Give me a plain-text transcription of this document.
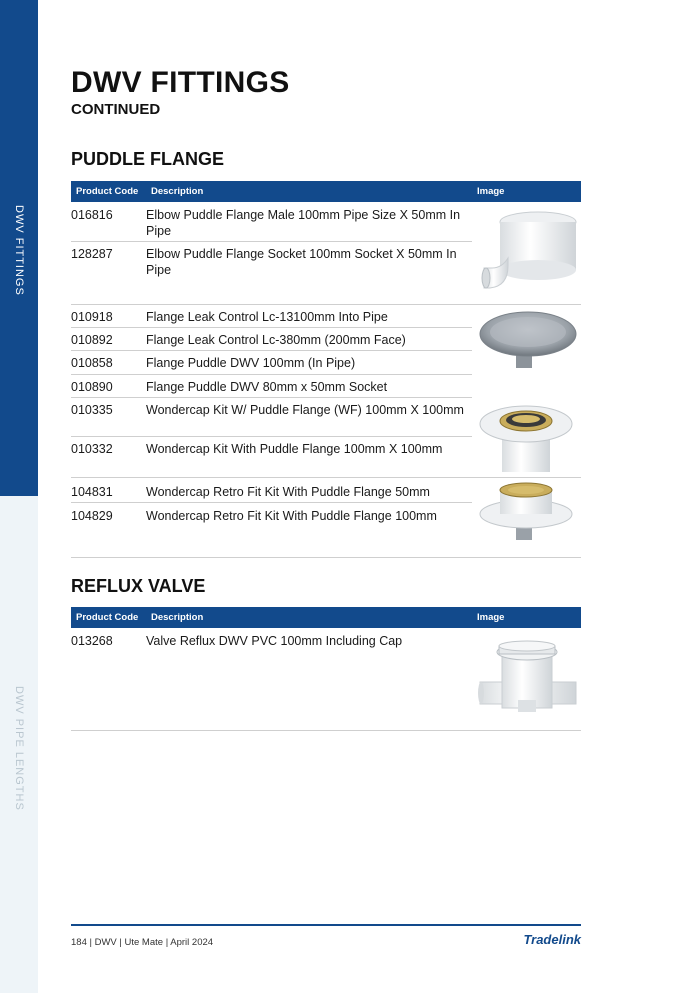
DWV FITTINGS
DWV PIPE LENGTHS
DWV FITTINGS
CONTINUED
PUDDLE FLANGE
Product Code Description	Image
016816	Elbow Puddle Flange Male 100mm Pipe Size X 50mm In Pipe
128287	Elbow Puddle Flange Socket 100mm Socket X 50mm In Pipe
010918	Flange Leak Control Lc-13100mm Into Pipe
010892	Flange Leak Control Lc-380mm (200mm Face)
010858	Flange Puddle DWV 100mm (In Pipe)
010890	Flange Puddle DWV 80mm x 50mm Socket
010335	Wondercap Kit W/ Puddle Flange (WF) 100mm X 100mm
010332	Wondercap Kit With Puddle Flange 100mm X 100mm
104831	Wondercap Retro Fit Kit With Puddle Flange 50mm
104829	Wondercap Retro Fit Kit With Puddle Flange 100mm
REFLUX VALVE
Product Code Description	Image
013268	Valve Reflux DWV PVC 100mm Including Cap
184 | DWV | Ute Mate | April 2024	Tradelink
